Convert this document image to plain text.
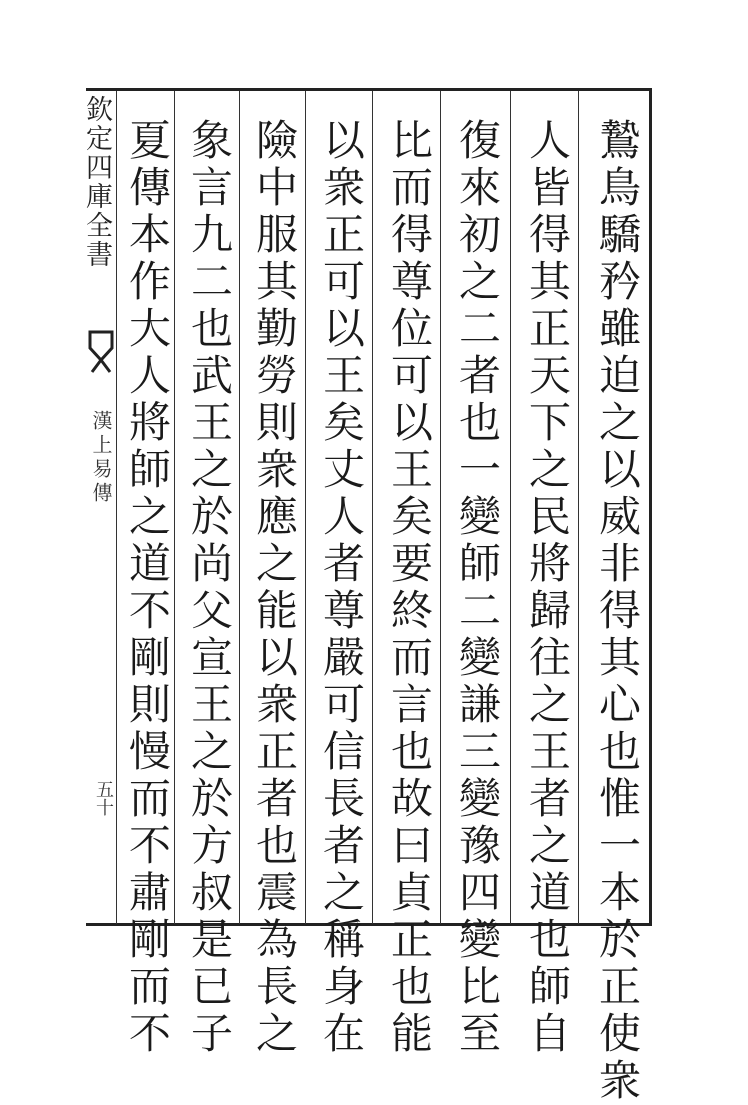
欽定四庫全書
漢上易傳
五十	鷙鳥驕矜雖迫之以威非得其心也惟一本於正使衆
人皆得其正天下之民將歸往之王者之道也師自
復來初之二者也一變師二變謙三變豫四變比至
比而得尊位可以王矣要終而言也故曰貞正也能
以衆正可以王矣丈人者尊嚴可信長者之稱身在
險中服其勤勞則衆應之能以衆正者也震為長之
象言九二也武王之於尚父宣王之於方叔是已子
夏傳本作大人將師之道不剛則慢而不肅剛而不
